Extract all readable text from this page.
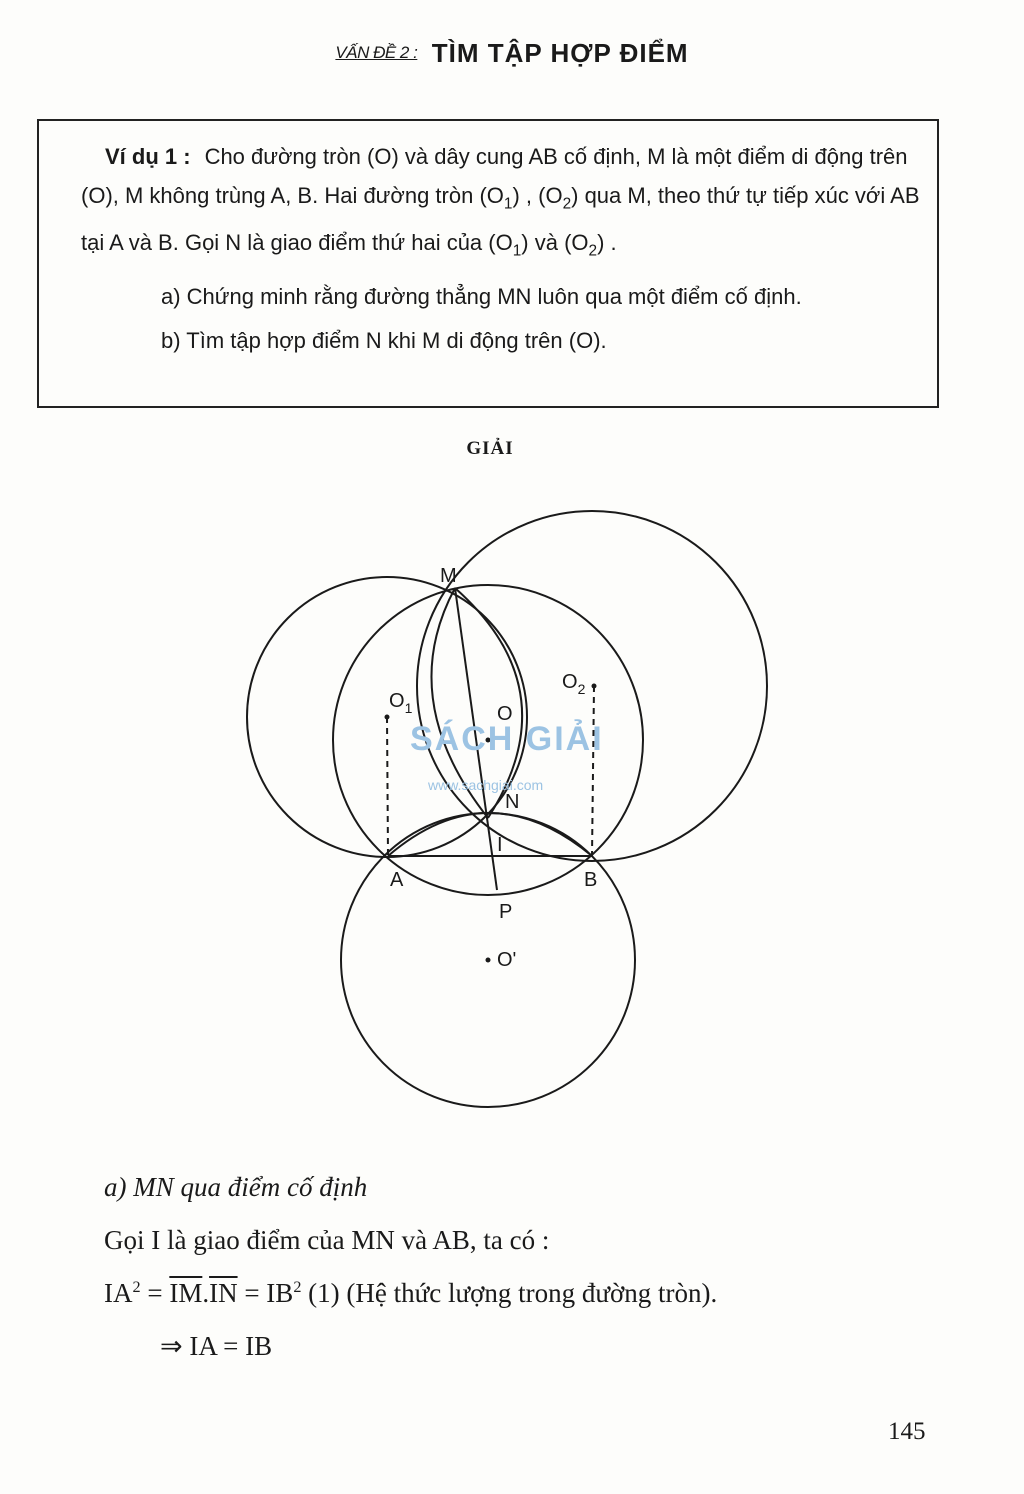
VẤN ĐỀ 2 : TÌM TẬP HỢP ĐIỂM

Ví dụ 1 : Cho đường tròn (O) và dây cung AB cố định, M là một điểm di động trên (O), M không trùng A, B. Hai đường tròn $(O_1)$ , $(O_2)$ qua M, theo thứ tự tiếp xúc với AB tại A và B. Gọi N là giao điểm thứ hai của $(O_1)$ và $(O_2)$ .

a) Chứng minh rằng đường thẳng MN luôn qua một điểm cố định.
b) Tìm tập hợp điểm N khi M di động trên (O).
GIẢI
SÁCH GIẢI
www.sachgiai.com
M
$O_1$	O
$O_2$
N
I
A	B
P
O'
a) MN qua điểm cố định
Gọi I là giao điểm của MN và AB, ta có :
$IA^2 = \overline{IM}.\overline{IN} = IB^2$ (1) (Hệ thức lượng trong đường tròn).
⇒ IA = IB
145
